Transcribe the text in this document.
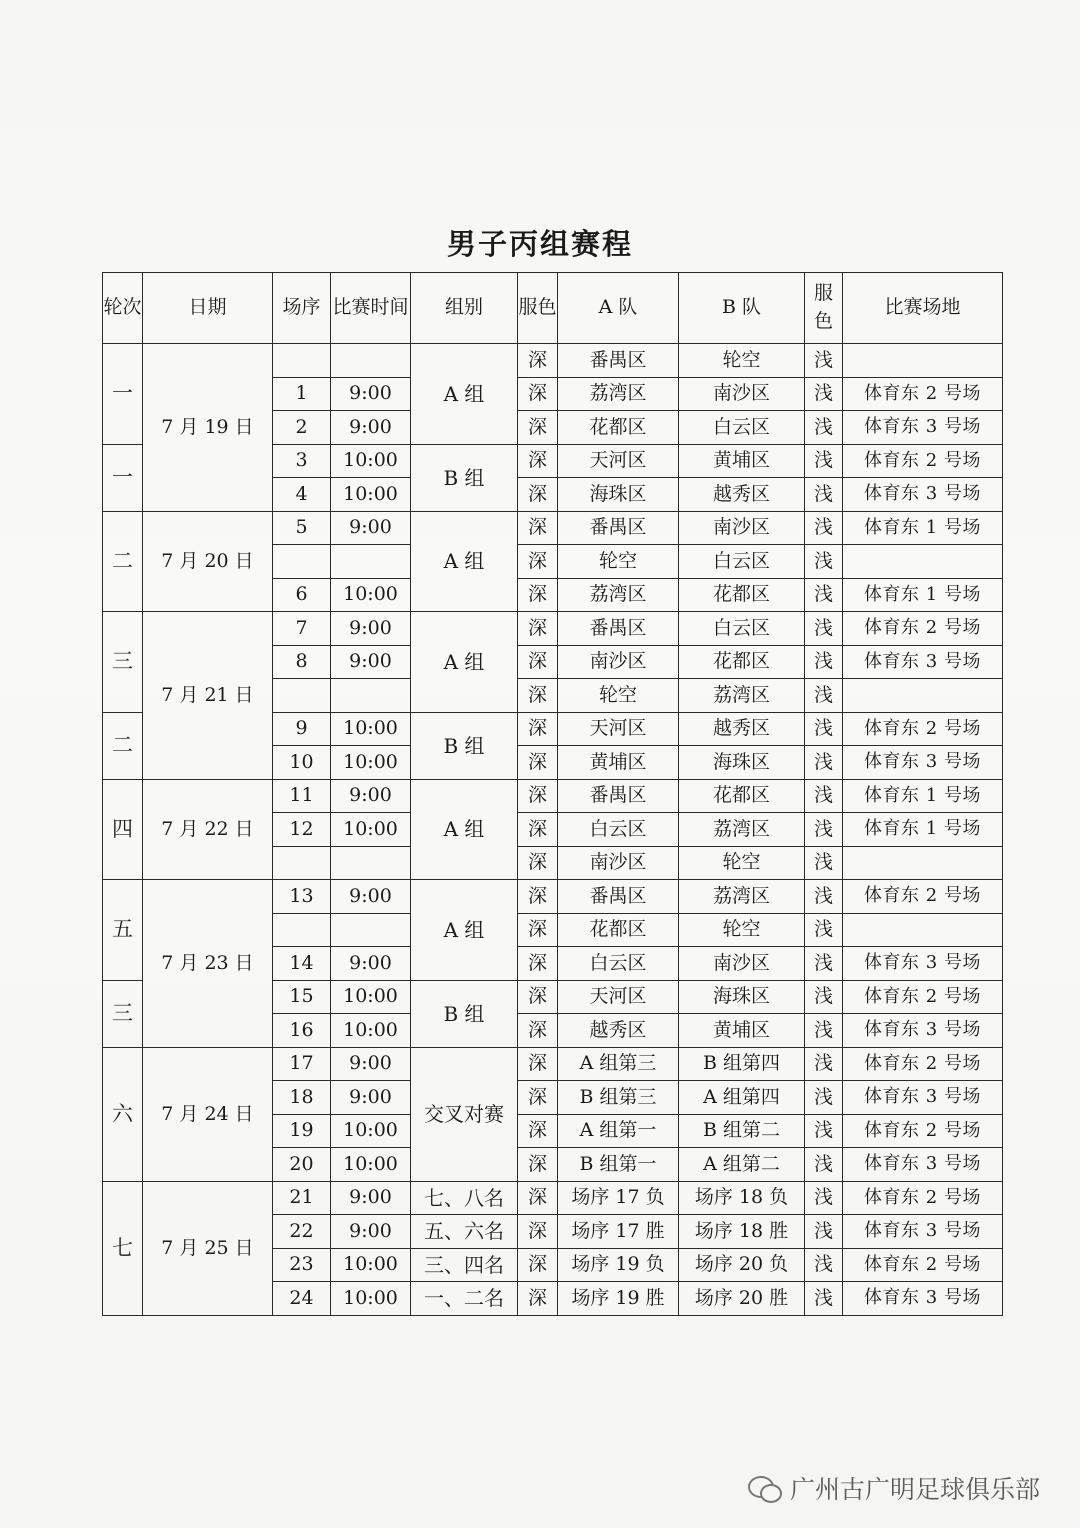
男子丙组赛程
轮次	日期	场序	比赛时间	组别	服色	A 队	B 队	服色	比赛场地
一	7 月 19 日			A 组	深	番禺区	轮空	浅	
		1	9:00		深	荔湾区	南沙区	浅	体育东 2 号场
		2	9:00		深	花都区	白云区	浅	体育东 3 号场
一		3	10:00	B 组	深	天河区	黄埔区	浅	体育东 2 号场
		4	10:00		深	海珠区	越秀区	浅	体育东 3 号场
二	7 月 20 日	5	9:00	A 组	深	番禺区	南沙区	浅	体育东 1 号场
					深	轮空	白云区	浅	
		6	10:00		深	荔湾区	花都区	浅	体育东 1 号场
三	7 月 21 日	7	9:00	A 组	深	番禺区	白云区	浅	体育东 2 号场
		8	9:00		深	南沙区	花都区	浅	体育东 3 号场
					深	轮空	荔湾区	浅	
二		9	10:00	B 组	深	天河区	越秀区	浅	体育东 2 号场
		10	10:00		深	黄埔区	海珠区	浅	体育东 3 号场
四	7 月 22 日	11	9:00	A 组	深	番禺区	花都区	浅	体育东 1 号场
		12	10:00		深	白云区	荔湾区	浅	体育东 1 号场
					深	南沙区	轮空	浅	
五	7 月 23 日	13	9:00	A 组	深	番禺区	荔湾区	浅	体育东 2 号场
					深	花都区	轮空	浅	
		14	9:00		深	白云区	南沙区	浅	体育东 3 号场
三		15	10:00	B 组	深	天河区	海珠区	浅	体育东 2 号场
		16	10:00		深	越秀区	黄埔区	浅	体育东 3 号场
六	7 月 24 日	17	9:00	交叉对赛	深	A 组第三	B 组第四	浅	体育东 2 号场
		18	9:00		深	B 组第三	A 组第四	浅	体育东 3 号场
		19	10:00		深	A 组第一	B 组第二	浅	体育东 2 号场
		20	10:00		深	B 组第一	A 组第二	浅	体育东 3 号场
七	7 月 25 日	21	9:00	七、八名	深	场序 17 负	场序 18 负	浅	体育东 2 号场
		22	9:00	五、六名	深	场序 17 胜	场序 18 胜	浅	体育东 3 号场
		23	10:00	三、四名	深	场序 19 负	场序 20 负	浅	体育东 2 号场
		24	10:00	一、二名	深	场序 19 胜	场序 20 胜	浅	体育东 3 号场
广州古广明足球俱乐部
